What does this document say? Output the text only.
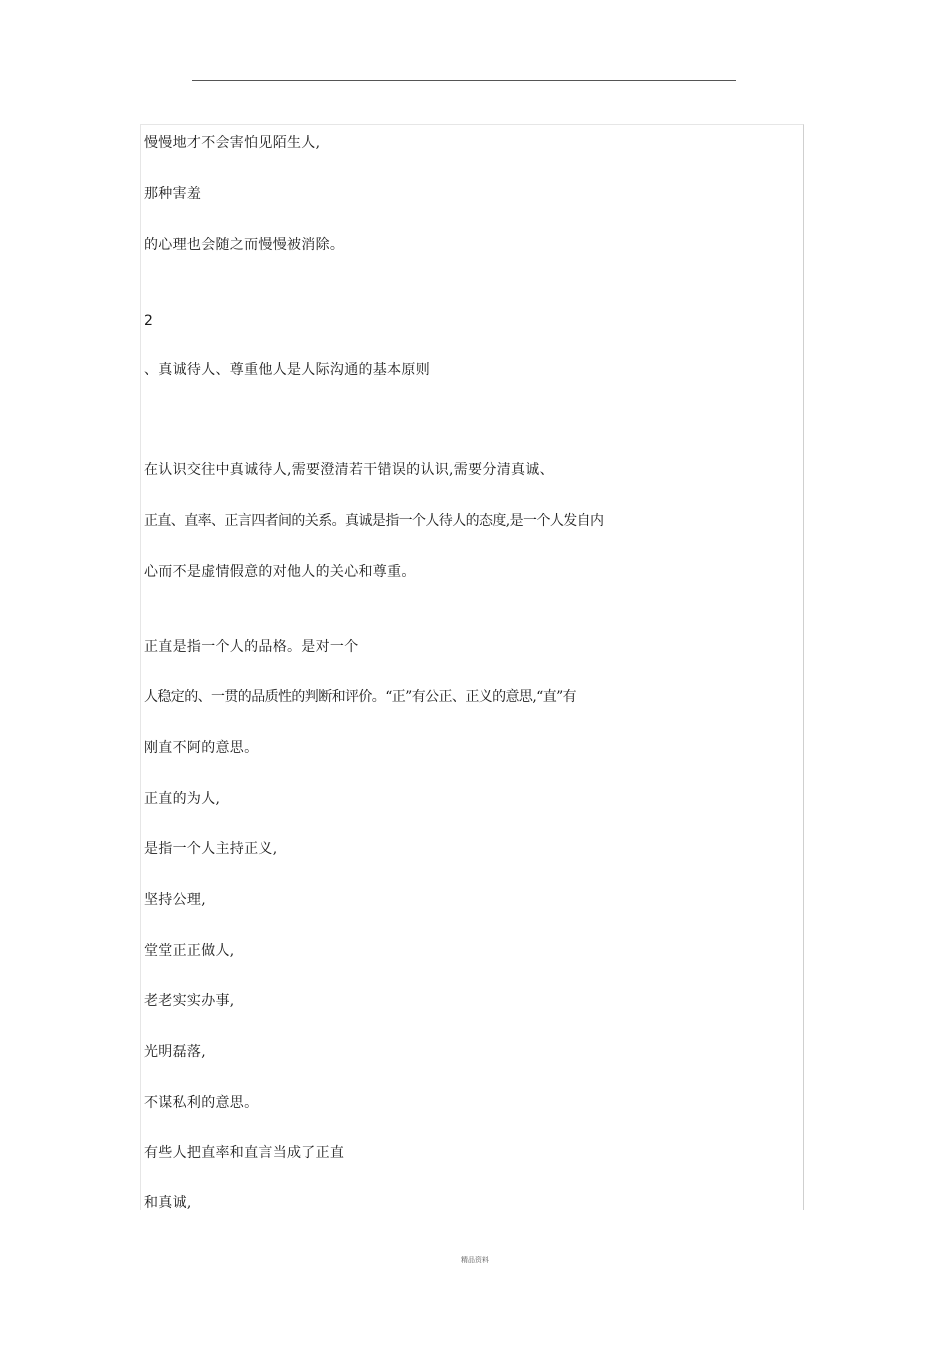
慢慢地才不会害怕见陌生人,
那种害羞
的心理也会随之而慢慢被消除。
2
、真诚待人、尊重他人是人际沟通的基本原则
在认识交往中真诚待人,需要澄清若干错误的认识,需要分清真诚、
正直、直率、正言四者间的关系。真诚是指一个人待人的态度,是一个人发自内
心而不是虚情假意的对他人的关心和尊重。
正直是指一个人的品格。是对一个
人稳定的、一贯的品质性的判断和评价。“正”有公正、正义的意思,“直”有
刚直不阿的意思。
正直的为人,
是指一个人主持正义,
坚持公理,
堂堂正正做人,
老老实实办事,
光明磊落,
不谋私利的意思。
有些人把直率和直言当成了正直
和真诚,
精品资料
